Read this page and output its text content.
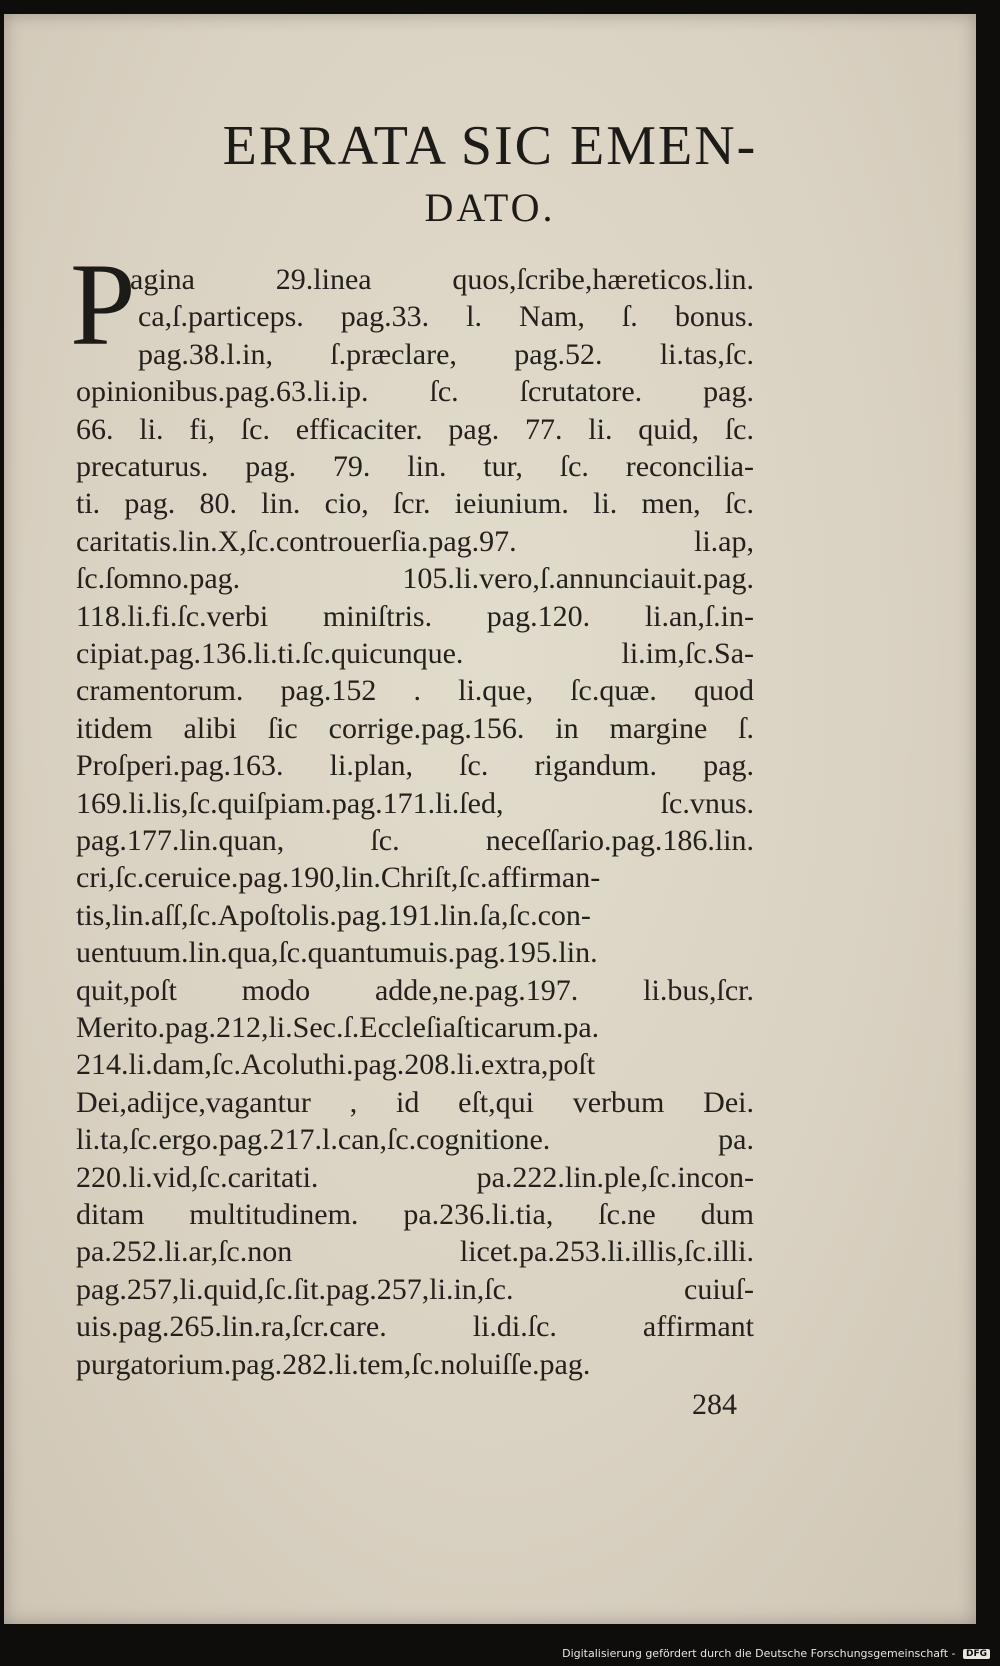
ERRATA SIC EMEN-
DATO.
P
agina 29.linea quos,ſcribe,hæreticos.lin.
ca,ſ.particeps. pag.33. l. Nam, ſ. bonus.
pag.38.l.in, ſ.præclare, pag.52. li.tas,ſc.
opinionibus.pag.63.li.ip. ſc. ſcrutatore. pag.
66. li. fi, ſc. efficaciter. pag. 77. li. quid, ſc.
precaturus. pag. 79. lin. tur, ſc. reconcilia-
ti. pag. 80. lin. cio, ſcr. ieiunium. li. men, ſc.
caritatis.lin.X,ſc.controuerſia.pag.97. li.ap,
ſc.ſomno.pag. 105.li.vero,ſ.annunciauit.pag.
118.li.fi.ſc.verbi miniſtris. pag.120. li.an,ſ.in-
cipiat.pag.136.li.ti.ſc.quicunque. li.im,ſc.Sa-
cramentorum. pag.152 . li.que, ſc.quæ. quod
itidem alibi ſic corrige.pag.156. in margine ſ.
Proſperi.pag.163. li.plan, ſc. rigandum. pag.
169.li.lis,ſc.quiſpiam.pag.171.li.ſed, ſc.vnus.
pag.177.lin.quan, ſc. neceſſario.pag.186.lin.
cri,ſc.ceruice.pag.190,lin.Chriſt,ſc.affirman-
tis,lin.aſſ,ſc.Apoſtolis.pag.191.lin.ſa,ſc.con-
uentuum.lin.qua,ſc.quantumuis.pag.195.lin.
quit,poſt modo adde,ne.pag.197. li.bus,ſcr.
Merito.pag.212,li.Sec.ſ.Eccleſiaſticarum.pa.
214.li.dam,ſc.Acoluthi.pag.208.li.extra,poſt
Dei,adijce,vagantur , id eſt,qui verbum Dei.
li.ta,ſc.ergo.pag.217.l.can,ſc.cognitione. pa.
220.li.vid,ſc.caritati. pa.222.lin.ple,ſc.incon-
ditam multitudinem. pa.236.li.tia, ſc.ne dum
pa.252.li.ar,ſc.non licet.pa.253.li.illis,ſc.illi.
pag.257,li.quid,ſc.ſit.pag.257,li.in,ſc. cuiuſ-
uis.pag.265.lin.ra,ſcr.care. li.di.ſc. affirmant
purgatorium.pag.282.li.tem,ſc.noluiſſe.pag.
284
Digitalisierung gefördert durch die Deutsche Forschungsgemeinschaft - DFG
